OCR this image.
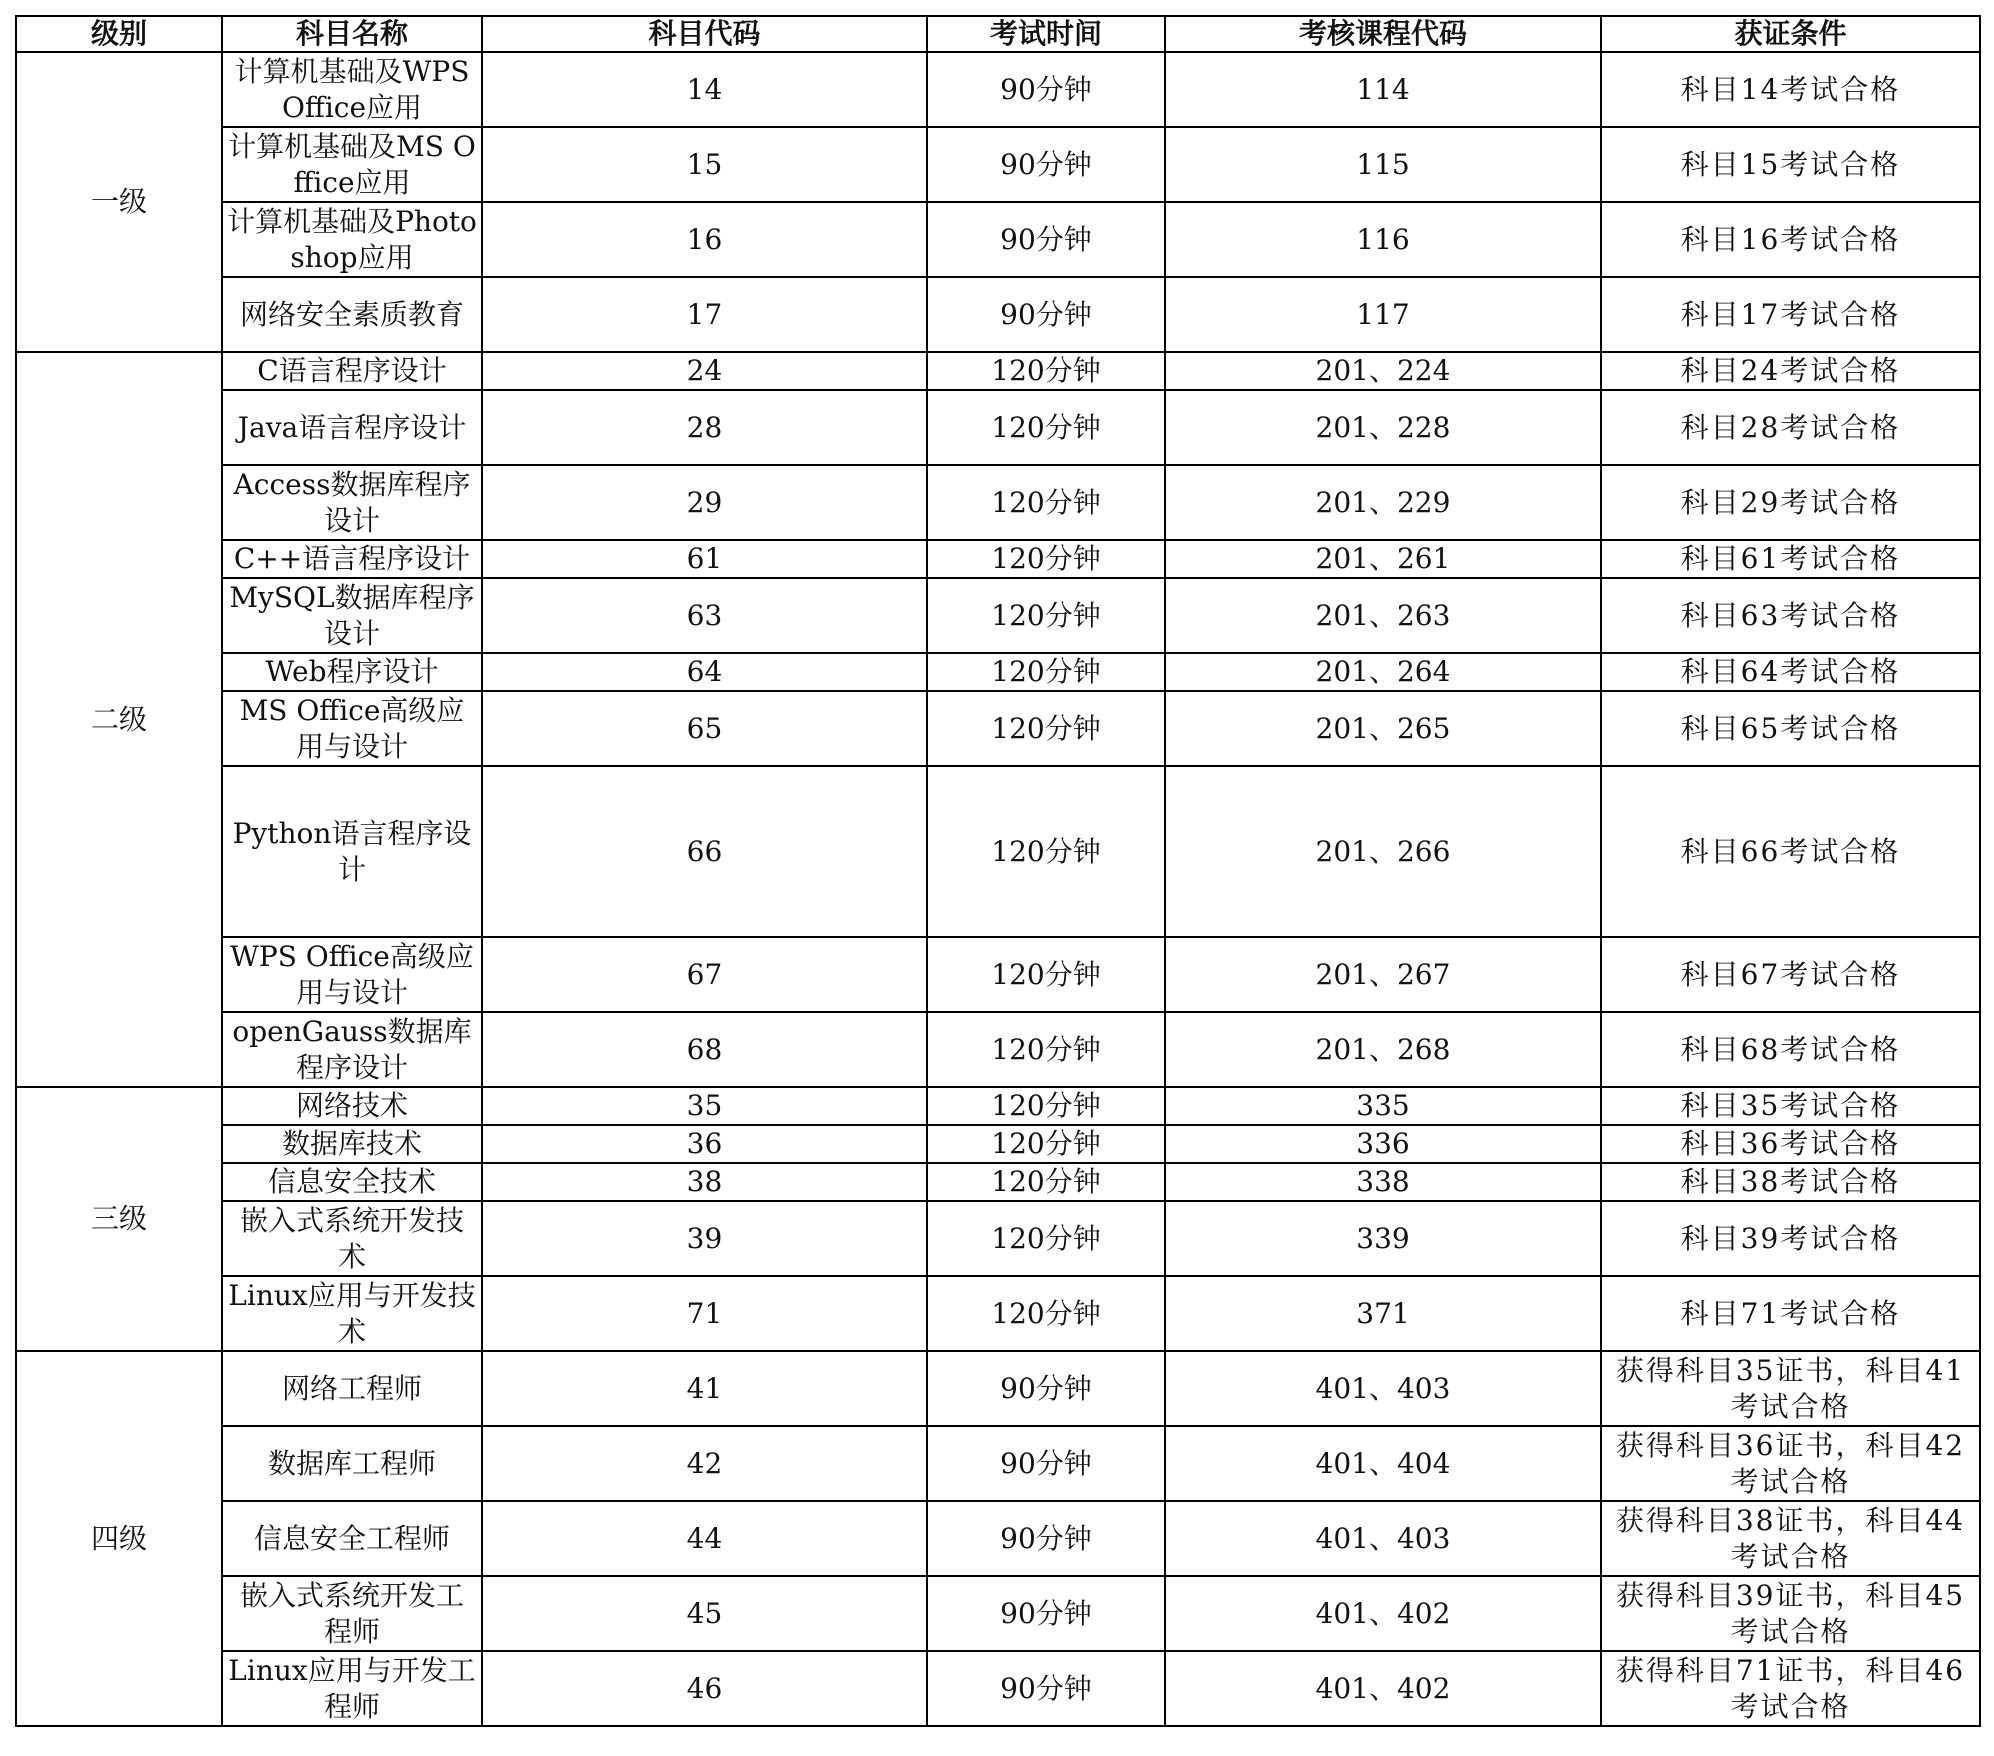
级别	科目名称	科目代码	考试时间	考核课程代码	获证条件
一级	计算机基础及WPS Office应用	14	90分钟	114	科目14考试合格
	计算机基础及MS Office应用	15	90分钟	115	科目15考试合格
	计算机基础及Photoshop应用	16	90分钟	116	科目16考试合格
	网络安全素质教育	17	90分钟	117	科目17考试合格
二级	C语言程序设计	24	120分钟	201、224	科目24考试合格
	Java语言程序设计	28	120分钟	201、228	科目28考试合格
	Access数据库程序设计	29	120分钟	201、229	科目29考试合格
	C++语言程序设计	61	120分钟	201、261	科目61考试合格
	MySQL数据库程序设计	63	120分钟	201、263	科目63考试合格
	Web程序设计	64	120分钟	201、264	科目64考试合格
	MS Office高级应用与设计	65	120分钟	201、265	科目65考试合格
	Python语言程序设计	66	120分钟	201、266	科目66考试合格
	WPS Office高级应用与设计	67	120分钟	201、267	科目67考试合格
	openGauss数据库程序设计	68	120分钟	201、268	科目68考试合格
三级	网络技术	35	120分钟	335	科目35考试合格
	数据库技术	36	120分钟	336	科目36考试合格
	信息安全技术	38	120分钟	338	科目38考试合格
	嵌入式系统开发技术	39	120分钟	339	科目39考试合格
	Linux应用与开发技术	71	120分钟	371	科目71考试合格
四级	网络工程师	41	90分钟	401、403	获得科目35证书，科目41考试合格
	数据库工程师	42	90分钟	401、404	获得科目36证书，科目42考试合格
	信息安全工程师	44	90分钟	401、403	获得科目38证书，科目44考试合格
	嵌入式系统开发工程师	45	90分钟	401、402	获得科目39证书，科目45考试合格
	Linux应用与开发工程师	46	90分钟	401、402	获得科目71证书，科目46考试合格
